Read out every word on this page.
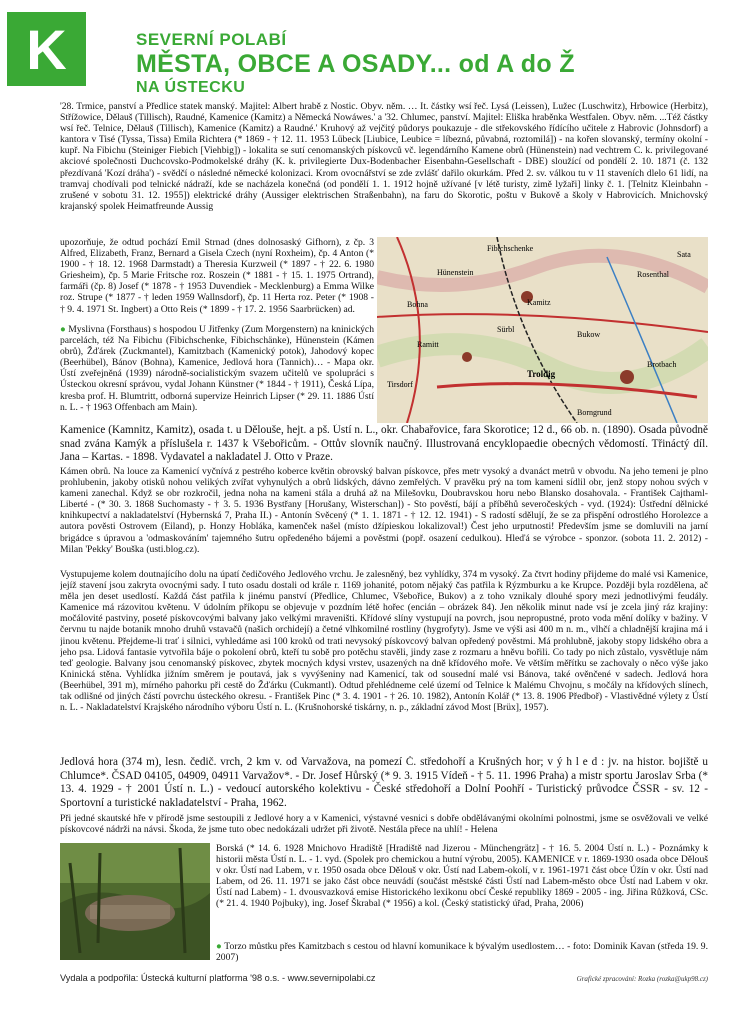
K	SEVERNÍ POLABÍ
MĚSTA, OBCE A OSADY... od A do Ž
NA ÚSTECKU

'28. Trmice, panství a Předlice statek manský. Majitel: Albert hrabě z Nostic. Obyv. něm. … It. částky wsí řeč. Lysá (Leissen), Lužec (Luschwitz), Hrbowice (Herbitz), Střížowice, Dělauš (Tillisch), Raudné, Kamenice (Kamitz) a Německá Nowáwes.' a '32. Chlumec, panství. Majitel: Eliška hraběnka Westfalen. Obyv. něm. ...Též částky wsí řeč. Telnice, Dělauš (Tillisch), Kamenice (Kamitz) a Raudné.' Kruhový až vejčitý půdorys poukazuje - dle střekovského řídícího učitele z Habrovic (Johnsdorf) a kantora v Tisé (Tyssa, Tissa) Emila Richtera (* 1869 - † 12. 11. 1953 Lübeck [Liubice, Leubice = líbezná, půvabná, roztomilá]) - na kořen slovanský, termíny okolní - kupř. Na Fibichu (Steiniger Fiebich [Viehbig]) - lokalita se sutí cenomanských pískovců vč. legendárního Kamene obrů (Hünenstein) nad vechtrem C. k. privilegované akciové společnosti Duchcovsko-Podmokelské dráhy (K. k. privilegierte Dux-Bodenbacher Eisenbahn-Gesellschaft - DBE) sloužící od pondělí 2. 10. 1871 (č. 132 přezdívaná 'Kozí dráha') - svědčí o následné německé kolonizaci. Krom ovocnářství se zde zvlášť dařilo okurkám. Před 2. sv. válkou tu v 11 staveních dlelo 61 lidí, na tramvaj chodívali pod telnické nádraží, kde se nacházela konečná (od pondělí 1. 1. 1912 hojně užívané [v létě turisty, zimě lyžaři] linky č. 1. [Telnitz Kleinbahn - zrušené v sobotu 31. 12. 1955]) elektrické dráhy (Aussiger elektrischen Straßenbahn), na faru do Skorotic, poštu v Bukově a školy v Habrovicích. Mnichovský krajanský spolek Heimatfreunde Aussig

upozorňuje, že odtud pochází Emil Strnad (dnes dolnosaský Gifhorn), z čp. 3 Alfred, Elizabeth, Franz, Bernard a Gisela Czech (nyní Roxheim), čp. 4 Anton (* 1900 - † 18. 12. 1968 Darmstadt) a Theresia Kurzweil (* 1897 - † 22. 6. 1980 Griesheim), čp. 5 Marie Fritsche roz. Roszein (* 1881 - † 15. 1. 1975 Ortrand), farmáři (čp. 8) Josef (* 1878 - † 1953 Duvendiek - Mecklenburg) a Emma Wilke roz. Strupe (* 1877 - † leden 1959 Wallnsdorf), čp. 11 Herta roz. Peter (* 1908 - † 9. 4. 1971 St. Ingbert) a Otto Reis (* 1899 - † 17. 2. 1956 Saarbrücken) ad.

● Myslivna (Forsthaus) s hospodou U Jitřenky (Zum Morgenstern) na kninických parcelách, též Na Fibichu (Fibichschenke, Fibichschänke), Hünenstein (Kámen obrů), Žďárek (Zuckmantel), Kamitzbach (Kamenický potok), Jahodový kopec (Beerhübel), Bánov (Bohna), Kamenice, Jedlová hora (Tannich)… - Mapa okr. Ústí zveřejněná (1939) národně-socialistickým svazem učitelů ve spolupráci s Ústeckou okresní správou, vydal Johann Künstner (* 1844 - † 1911), Česká Lípa, kresba prof. H. Blumtritt, odborná supervize Heinrich Lipser (* 29. 11. 1886 Ústí n. L. - † 1963 Offenbach am Main).

Fibichschenke
Hünenstein
Kamitz
Rosenthal
Bohna
Ramitt
Tirsdorf
Troldig
Brotbach
Borngrund
Bukow
Sürbl
Sata

Kamenice (Kamnitz, Kamitz), osada t. u Dělouše, hejt. a pš. Ústí n. L., okr. Chabařovice, fara Skorotice; 12 d., 66 ob. n. (1890). Osada původně snad zvána Kamýk a příslušela r. 1437 k Všebořicům. - Ottův slovník naučný. Illustrovaná encyklopaedie obecných vědomostí. Třináctý díl. Jana – Kartas. - 1898. Vydavatel a nakladatel J. Otto v Praze.

Kámen obrů. Na louce za Kamenicí vyčnívá z pestrého koberce květin obrovský balvan pískovce, přes metr vysoký a dvanáct metrů v obvodu. Na jeho temeni je plno prohlubenin, jakoby otisků nohou velikých zvířat vyhynulých a obrů lidských, dávno zemřelých. V pravěku prý na tom kameni sídlil obr, jenž stopy nohou svých v kameni zanechal. Když se obr rozkročil, jedna noha na kameni stála a druhá až na Milešovku, Doubravskou horu nebo Blansko dosahovala. - František Cajthaml-Liberté - (* 30. 3. 1868 Suchomasty - † 3. 5. 1936 Bystřany [Horušany, Wisterschan]) - Sto pověstí, bájí a příběhů severočeských - vyd. (1924): Ústřední dělnické knihkupectví a nakladatelství (Hybernská 7, Praha II.) - Antonín Svěcený (* 1. 1. 1871 - † 12. 12. 1941) - S radostí sdělují, že se za přispění odrostlého Horolezce a autora pověsti Ostrovem (Eiland), p. Honzy Hobláka, kamenček našel (místo džípieskou lokalizoval!) Čest jeho urputnosti! Především jsme se domluvili na jarní brigádce s úpravou a 'odmaskováním' tajemného šutru opředeného bájemi a pověstmi (popř. osazení cedulkou). Hleďá se výrobce - sponzor. (sobota 11. 2. 2012) - Milan 'Pekky' Bouška (usti.blog.cz).

Vystupujeme kolem doutnajícího dolu na úpatí čedičového Jedlového vrchu. Je zalesněný, bez vyhlídky, 374 m vysoký. Za čtvrt hodiny přijdeme do malé vsi Kamenice, jejíž stavení jsou zakryta ovocnými sady. I tuto osadu dostali od krále r. 1169 johanité, potom nějaký čas patřila k Rýzmburku a ke Krupce. Později byla rozdělena, ač měla jen deset usedlostí. Každá část patřila k jinému panství (Předlice, Chlumec, Všebořice, Bukov) a z toho vznikaly dlouhé spory mezi jednotlivými feudály. Kamenice má rázovitou květenu. V údolním příkopu se objevuje v pozdním létě hořec (encián – obrázek 84). Jen několik minut nade vsí je zcela jiný ráz krajiny: močálovité pastviny, poseté pískovcovými balvany jako velkými mraveništi. Křídové slíny vystupují na povrch, jsou nepropustné, proto voda mění dolíky v bažiny. V červnu tu najde botanik mnoho druhů vstavačů (našich orchidejí) a četné vlhkomilné rostliny (hygrofyty). Jsme ve výši asi 400 m n. m., vlhčí a chladnější krajina má i jinou květenu. Přejdeme-li trať i silnici, vyhledáme asi 100 kroků od trati nevysoký pískovcový balvan opředený pověstmi. Má prohlubně, jakoby stopy lidského obra a jeho psa. Lidová fantasie vytvořila báje o pokolení obrů, kteří tu sobě pro potěchu stavěli, jindy zase z rozmaru a hněvu bořili. Co tady po nich zůstalo, vysvětluje nám teď geologie. Balvany jsou cenomanský pískovec, zbytek mocných kdysi vrstev, usazených na dně křídového moře. Ve větším měřítku se zachovaly o něco výše jako Kninická stěna. Vyhlídka jižním směrem je poutavá, jak s vyvýšeniny nad Kamenicí, tak od sousední malé vsi Bánova, také ověnčené v sadech. Jedlová hora (Beerhübel, 391 m), mírného pahorku při cestě do Žďárku (Cukmantl). Odtud přehlédneme celé území od Telnice k Malému Chvojnu, s močály na křídových slínech, tak odlišné od jiných částí povrchu ústeckého okresu. - František Pinc (* 3. 4. 1901 - † 26. 10. 1982), Antonín Kolář (* 13. 8. 1906 Předboř) - Vlastivědné výlety z Ústí n. L. - Nakladatelství Krajského národního výboru Ústí n. L. (Krušnohorské tiskárny, n. p., základní závod Most [Brüx], 1957).

Jedlová hora (374 m), lesn. čedič. vrch, 2 km v. od Varvažova, na pomezí Č. středohoří a Krušných hor; v ý h l e d : jv. na histor. bojiště u Chlumce*. ČSAD 04105, 04909, 04911 Varvažov*. - Dr. Josef Hůrský (* 9. 3. 1915 Vídeň - † 5. 11. 1996 Praha) a mistr sportu Jaroslav Srba (* 13. 4. 1929 - † 2001 Ústí n. L.) - vedoucí autorského kolektivu - České středohoří a Dolní Poohří - Turistický průvodce ČSSR - sv. 12 - Sportovní a turistické nakladatelství - Praha, 1962.

Při jedné skautské hře v přírodě jsme sestoupili z Jedlové hory a v Kamenici, výstavné vesnici s dobře obdělávanými okolními polnostmi, jsme se osvěžovali ve velké pískovcové nádrži na návsi. Škoda, že jsme tuto obec nedokázali udržet při životě. Nestála přece na uhlí! - Helena

Borská (* 14. 6. 1928 Mnichovo Hradiště [Hradiště nad Jizerou - Münchengrätz] - † 16. 5. 2004 Ústí n. L.) - Poznámky k historii města Ústí n. L. - 1. vyd. (Spolek pro chemickou a hutní výrobu, 2005). KAMENICE v r. 1869-1930 osada obce Dělouš v okr. Ústí nad Labem, v r. 1950 osada obce Dělouš v okr. Ústí nad Labem-okolí, v r. 1961-1971 část obce Úžín v okr. Ústí nad Labem, od 26. 11. 1971 se jako část obce neuvádí (součást městské části Ústí nad Labem-město obce Ústí nad Labem v okr. Ústí nad Labem) - 1. dvousvazková emise Historického lexikonu obcí České republiky 1869 - 2005 - ing. Jiřina Růžková, CSc. (* 21. 4. 1940 Pojbuky), ing. Josef Škrabal (* 1956) a kol. (Český statistický úřad, Praha, 2006)

● Torzo můstku přes Kamitzbach s cestou od hlavní komunikace k bývalým usedlostem… - foto: Dominik Kavan (středa 19. 9. 2007)

Vydala a podpořila: Ústecká kulturní platforma '98 o.s. - www.severnipolabi.cz	Grafické zpracování: Rozka (rozka@ukp98.cz)
